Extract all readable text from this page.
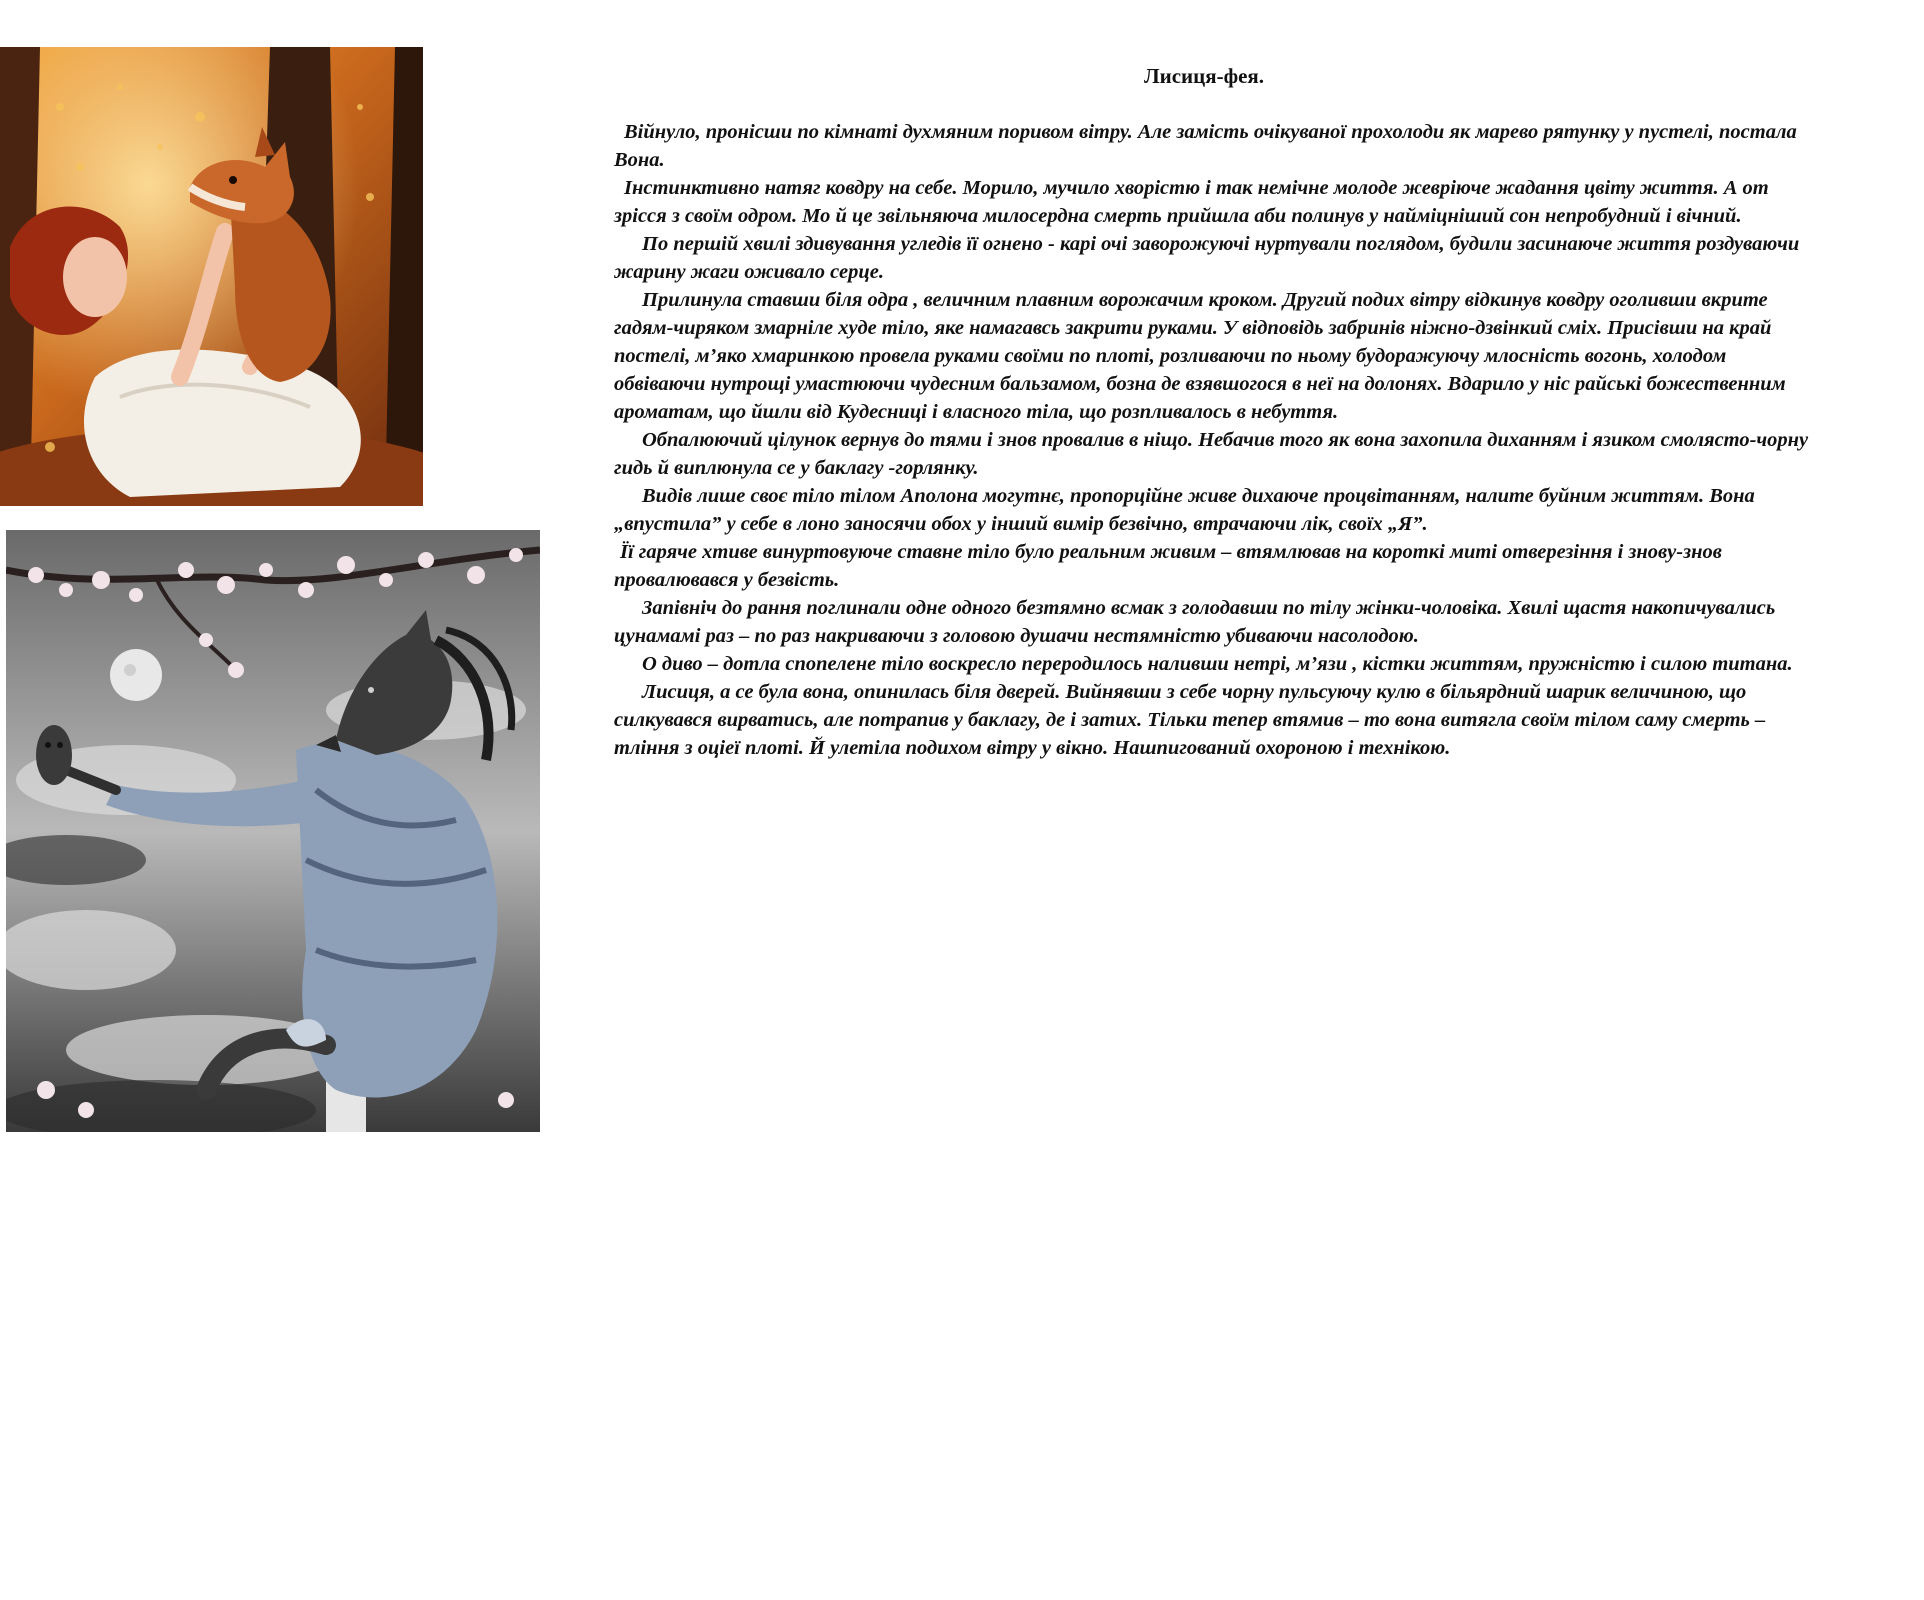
Лисиця-фея.

Війнуло, пронісши по кімнаті духмяним поривом вітру. Але замість очікуваної прохолоди як марево рятунку у пустелі, постала Вона.

Інстинктивно натяг ковдру на себе. Морило, мучило хворістю і так немічне молоде жевріюче жадання цвіту життя. А от зрісся з своїм одром. Мо й це звільняюча милосердна смерть прийшла аби полинув у наймiцніший сон непробудний і вічний.

По першій хвилі здивування угледів її огнено - карі очі заворожуючі нуртували поглядом, будили засинаюче життя роздуваючи жарину жаги оживало серце.

Прилинула ставши біля одра , величним плавним ворожачим кроком. Другий подих вітру відкинув ковдру оголивши вкрите гадям-чиряком змарніле худе тіло, яке намагавсь закрити руками. У відповідь забринів ніжно-дзвінкий сміх. Присівши на край постелі, м’яко хмаринкою провела руками своїми по плоті, розливаючи по ньому будоражуючу млосність вогонь, холодом обвіваючи нутрощі умастюючи чудесним бальзамом, бозна де взявшогося в неї на долонях. Вдарило у ніс райські божественним ароматам, що йшли від Кудесниці і власного тіла, що розпливалось в небуття.

Обпалюючий цілунок вернув до тями і знов провалив в ніщо. Небачив того як вона захопила диханням і язиком смолясто-чорну гидь й виплюнула се у баклагу -горлянку.

Видів лише своє тіло тілом Аполона могутнє, пропорційне живе дихаюче процвітанням, налите буйним життям. Вона „впустила” у себе в лоно заносячи обох у інший вимір безвічно, втрачаючи лік, своїх „Я”.

Її гаряче хтиве винуртовуюче ставне тіло було реальним живим – втямлював на короткі миті отверезіння і знову-знов провалювався у безвість.

Запівніч до рання поглинали одне одного безтямно всмак з голодавши по тілу жінки-чоловіка. Хвилі щастя накопичувались цунамамі раз – по раз накриваючи з головою душачи нестямністю убиваючи насолодою.

О диво – дотла спопелене тіло воскресло переродилось наливши нетрі, м’язи , кістки життям, пружністю і силою титана.

Лисиця, а се була вона, опинилась біля дверей. Вийнявши з себе чорну пульсуючу кулю в більярдний шарик величиною, що силкувався вирватись, але потрапив у баклагу, де і затих. Тільки тепер втямив – то вона витягла своїм тілом саму смерть – тління з оціеї плоті. Й улетіла подихом вітру у вікно. Нашпигований охороною і технікою.
